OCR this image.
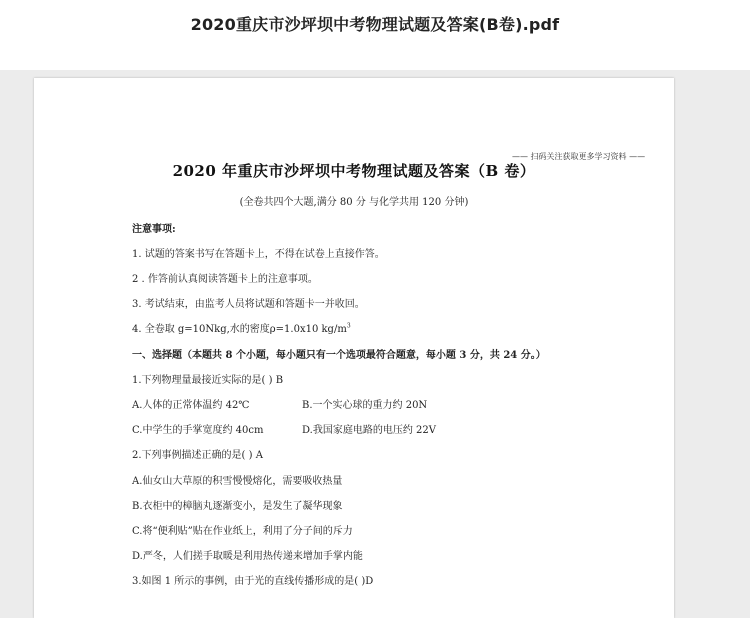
2020重庆市沙坪坝中考物理试题及答案(B卷).pdf
—— 扫码关注获取更多学习资料 ——
2020 年重庆市沙坪坝中考物理试题及答案（B 卷）
(全卷共四个大题,满分 80 分 与化学共用 120 分钟)
注意事项:
1. 试题的答案书写在答题卡上，不得在试卷上直接作答。
2 . 作答前认真阅读答题卡上的注意事项。
3. 考试结束，由监考人员将试题和答题卡一并收回。
4. 全卷取 g=10Nkg,水的密度ρ=1.0x10 $kg/m^3$
一、选择题（本题共 8 个小题，每小题只有一个选项最符合题意，每小题 3 分，共 24 分。）
1.下列物理量最接近实际的是( ) B
A.人体的正常体温约 42℃	B.一个实心球的重力约 20N
C.中学生的手掌宽度约 40cm	D.我国家庭电路的电压约 22V
2.下列事例描述正确的是( ) A
A.仙女山大草原的积雪慢慢熔化，需要吸收热量
B.衣柜中的樟脑丸逐渐变小，是发生了凝华现象
C.将“便利贴”贴在作业纸上，利用了分子间的斥力
D.严冬，人们搓手取暖是利用热传递来增加手掌内能
3.如图 1 所示的事例，由于光的直线传播形成的是( )D
